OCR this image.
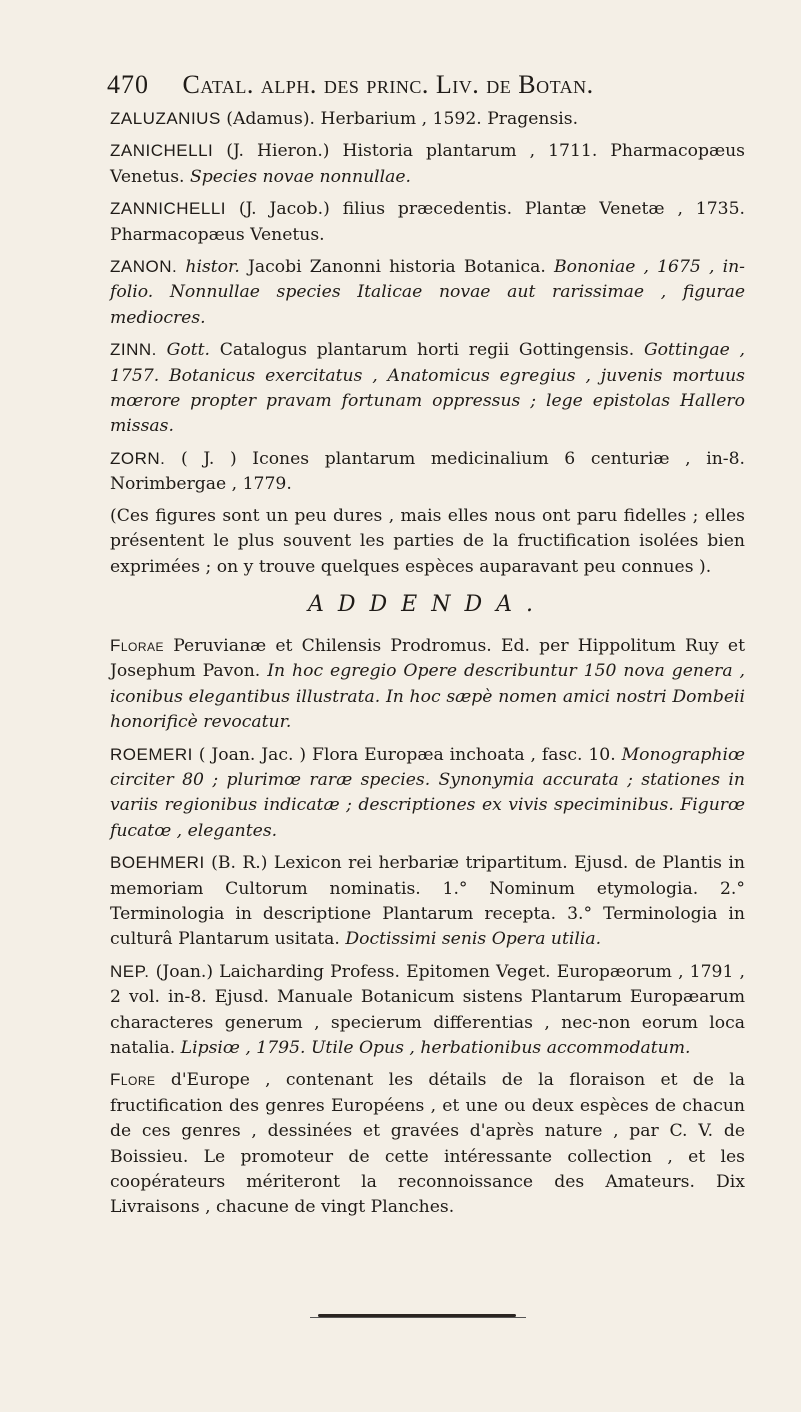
470 Catal. alph. des princ. Liv. de Botan.

ZALUZANIUS (Adamus). Herbarium , 1592. Pragensis.

ZANICHELLI (J. Hieron.) Historia plantarum , 1711. Pharmacopæus Venetus. Species novae nonnullae.

ZANNICHELLI (J. Jacob.) filius præcedentis. Plantæ Venetæ , 1735. Pharmacopæus Venetus.

ZANON. histor. Jacobi Zanonni historia Botanica. Bononiae , 1675 , in-folio. Nonnullae species Italicae novae aut rarissimae , figurae mediocres.

ZINN. Gott. Catalogus plantarum horti regii Gottingensis. Gottingae , 1757. Botanicus exercitatus , Anatomicus egregius , juvenis mortuus mœrore propter pravam fortunam oppressus ; lege epistolas Hallero missas.

ZORN. ( J. ) Icones plantarum medicinalium 6 centuriæ , in-8. Norimbergae , 1779.

(Ces figures sont un peu dures , mais elles nous ont paru fidelles ; elles présentent le plus souvent les parties de la fructification isolées bien exprimées ; on y trouve quelques espèces auparavant peu connues ).

ADDENDA.

Florae Peruvianæ et Chilensis Prodromus. Ed. per Hippolitum Ruy et Josephum Pavon. In hoc egregio Opere describuntur 150 nova genera , iconibus elegantibus illustrata. In hoc sæpè nomen amici nostri Dombeii honorificè revocatur.

ROEMERI ( Joan. Jac. ) Flora Europæa inchoata , fasc. 10. Monographiœ circiter 80 ; plurimœ raræ species. Synonymia accurata ; stationes in variis regionibus indicatæ ; descriptiones ex vivis speciminibus. Figurœ fucatœ , elegantes.

BOEHMERI (B. R.) Lexicon rei herbariæ tripartitum. Ejusd. de Plantis in memoriam Cultorum nominatis. 1.° Nominum etymologia. 2.° Terminologia in descriptione Plantarum recepta. 3.° Terminologia in culturâ Plantarum usitata. Doctissimi senis Opera utilia.

NEP. (Joan.) Laicharding Profess. Epitomen Veget. Europæorum , 1791 , 2 vol. in-8. Ejusd. Manuale Botanicum sistens Plantarum Europæarum characteres generum , specierum differentias , nec-non eorum loca natalia. Lipsiœ , 1795. Utile Opus , herbationibus accommodatum.

Flore d'Europe , contenant les détails de la floraison et de la fructification des genres Européens , et une ou deux espèces de chacun de ces genres , dessinées et gravées d'après nature , par C. V. de Boissieu. Le promoteur de cette intéressante collection , et les coopérateurs mériteront la reconnoissance des Amateurs. Dix Livraisons , chacune de vingt Planches.
